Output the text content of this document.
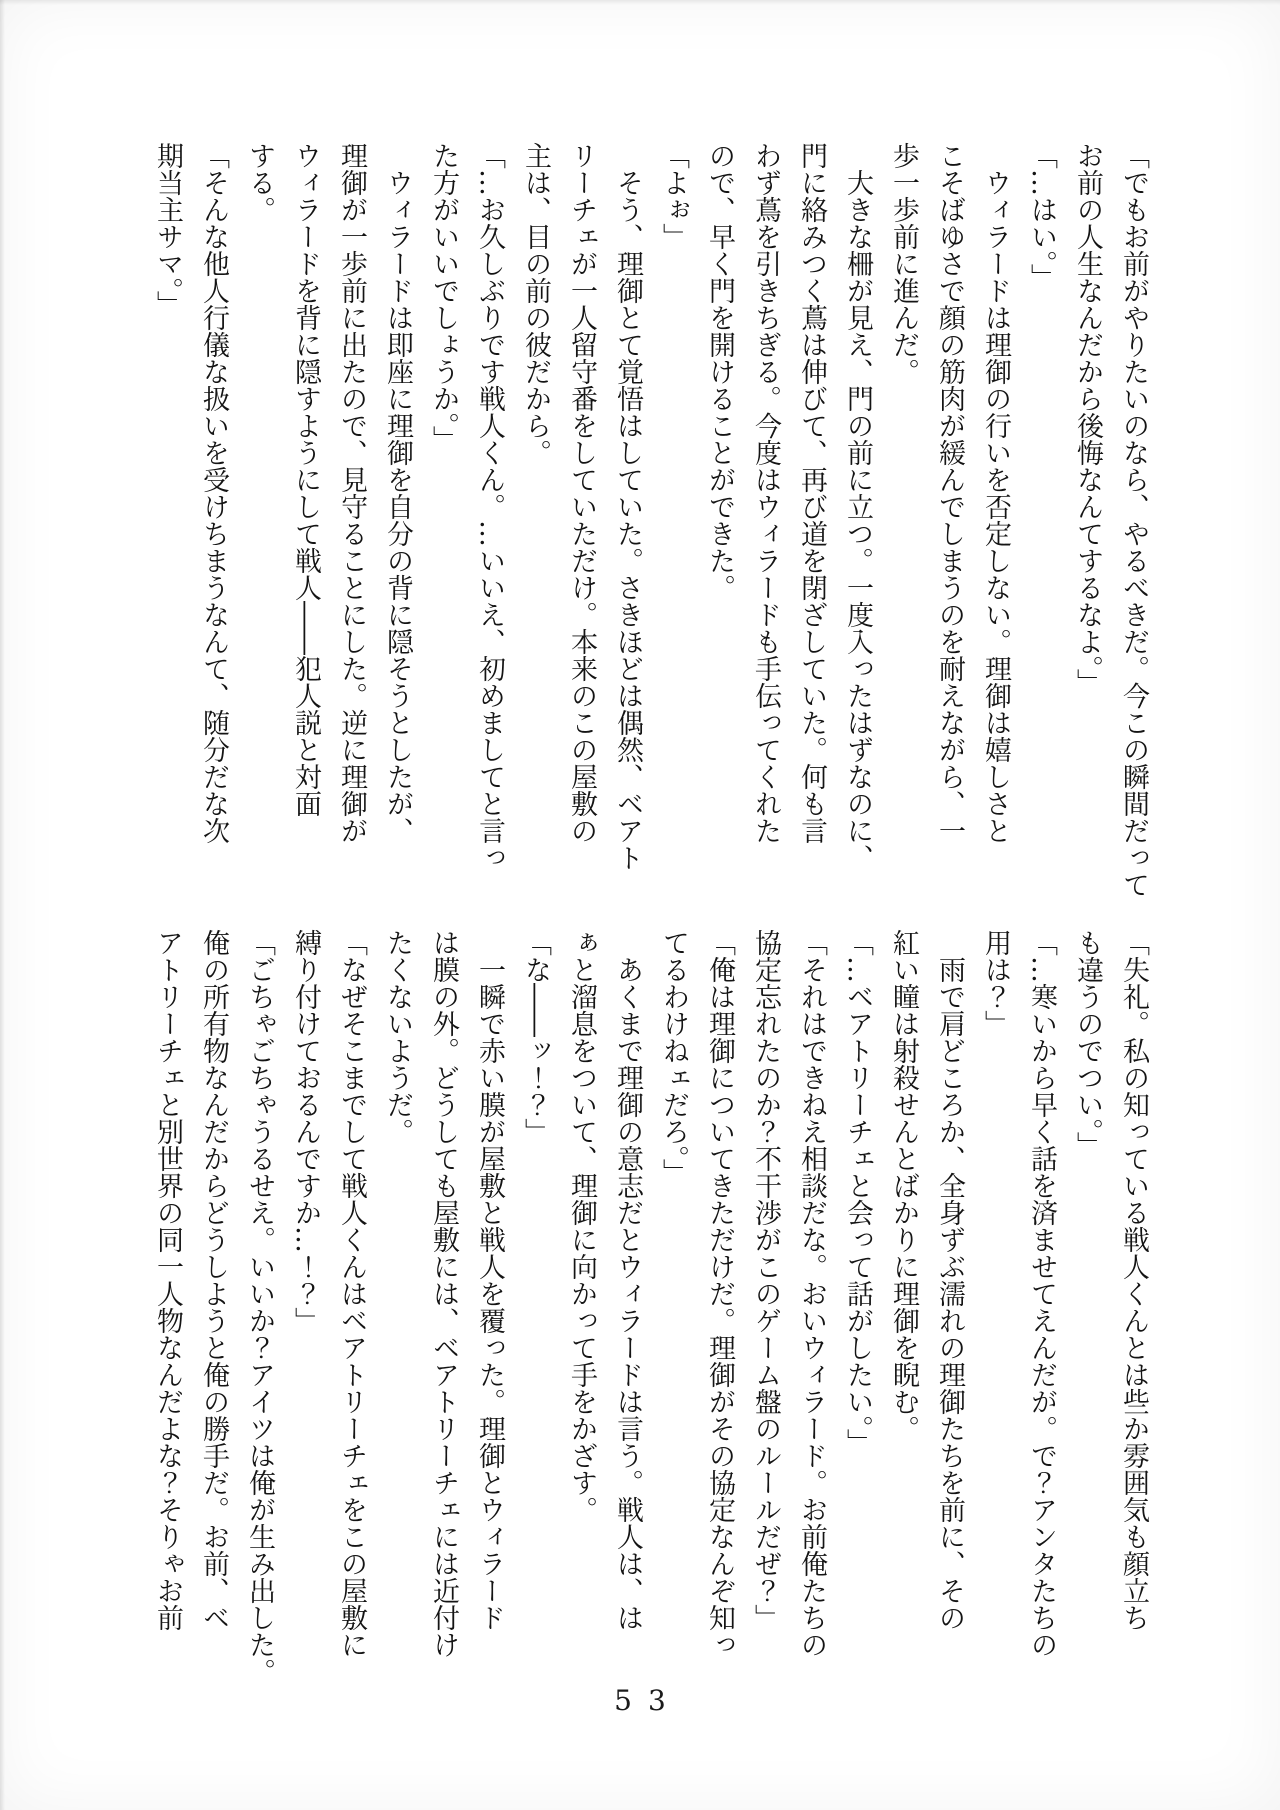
「でもお前がやりたいのなら、やるべきだ。今この瞬間だって
お前の人生なんだから後悔なんてするなよ。」
「…はい。」
　ウィラードは理御の行いを否定しない。理御は嬉しさと
こそばゆさで顔の筋肉が緩んでしまうのを耐えながら、一
歩一歩前に進んだ。
　大きな柵が見え、門の前に立つ。一度入ったはずなのに、
門に絡みつく蔦は伸びて、再び道を閉ざしていた。何も言
わず蔦を引きちぎる。今度はウィラードも手伝ってくれた
ので、早く門を開けることができた。
「よぉ」
　そう、理御とて覚悟はしていた。さきほどは偶然、ベアト
リーチェが一人留守番をしていただけ。本来のこの屋敷の
主は、目の前の彼だから。
「…お久しぶりです戦人くん。…いいえ、初めましてと言っ
た方がいいでしょうか。」
　ウィラードは即座に理御を自分の背に隠そうとしたが、
理御が一歩前に出たので、見守ることにした。逆に理御が
ウィラードを背に隠すようにして戦人――犯人説と対面
する。
「そんな他人行儀な扱いを受けちまうなんて、随分だな次
期当主サマ。」
「失礼。私の知っている戦人くんとは些か雰囲気も顔立ち
も違うのでつい。」
「…寒いから早く話を済ませてえんだが。で？アンタたちの
用は？」
　雨で肩どころか、全身ずぶ濡れの理御たちを前に、その
紅い瞳は射殺せんとばかりに理御を睨む。
「…ベアトリーチェと会って話がしたい。」
「それはできねえ相談だな。おいウィラード。お前俺たちの
協定忘れたのか？不干渉がこのゲーム盤のルールだぜ？」
「俺は理御についてきただけだ。理御がその協定なんぞ知っ
てるわけねェだろ。」
　あくまで理御の意志だとウィラードは言う。戦人は、は
ぁと溜息をついて、理御に向かって手をかざす。
「な――ッ！？」
　一瞬で赤い膜が屋敷と戦人を覆った。理御とウィラード
は膜の外。どうしても屋敷には、ベアトリーチェには近付け
たくないようだ。
「なぜそこまでして戦人くんはベアトリーチェをこの屋敷に
縛り付けておるんですか…！？」
「ごちゃごちゃうるせえ。いいか？アイツは俺が生み出した。
俺の所有物なんだからどうしようと俺の勝手だ。お前、ベ
アトリーチェと別世界の同一人物なんだよな？そりゃお前
53
